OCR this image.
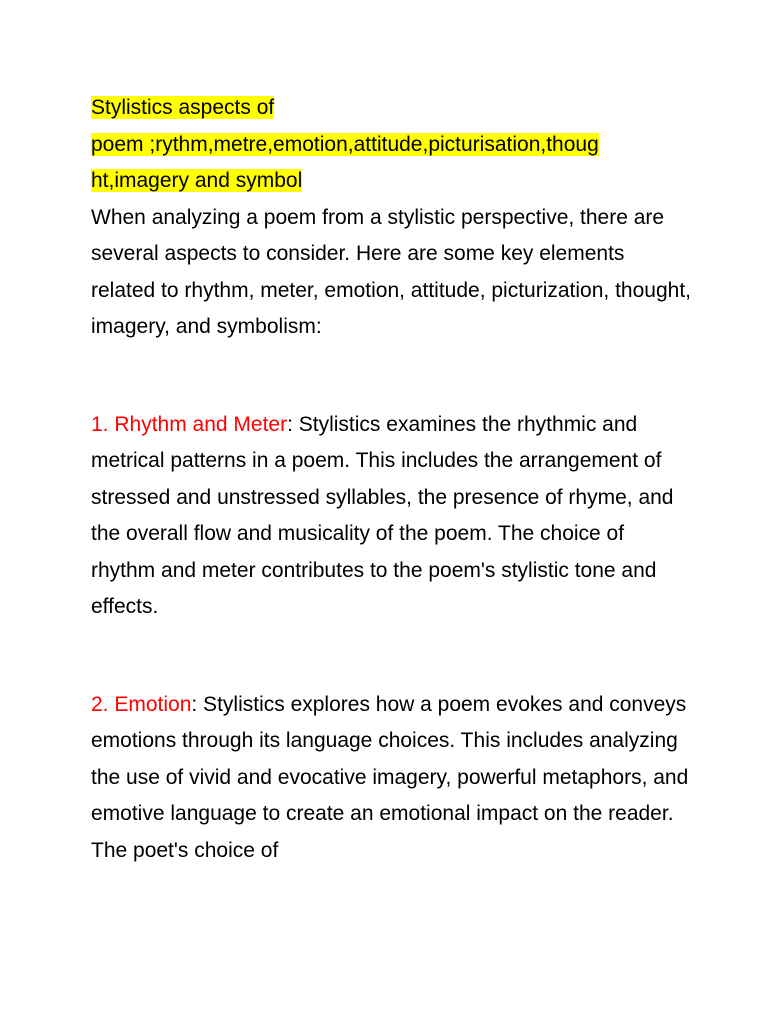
Stylistics aspects of
poem ;rythm,metre,emotion,attitude,picturisation,thoug
ht,imagery and symbol
When analyzing a poem from a stylistic perspective, there are several aspects to consider. Here are some key elements related to rhythm, meter, emotion, attitude, picturization, thought, imagery, and symbolism:
1. Rhythm and Meter: Stylistics examines the rhythmic and metrical patterns in a poem. This includes the arrangement of stressed and unstressed syllables, the presence of rhyme, and the overall flow and musicality of the poem. The choice of rhythm and meter contributes to the poem's stylistic tone and effects.
2. Emotion: Stylistics explores how a poem evokes and conveys emotions through its language choices. This includes analyzing the use of vivid and evocative imagery, powerful metaphors, and emotive language to create an emotional impact on the reader. The poet's choice of
